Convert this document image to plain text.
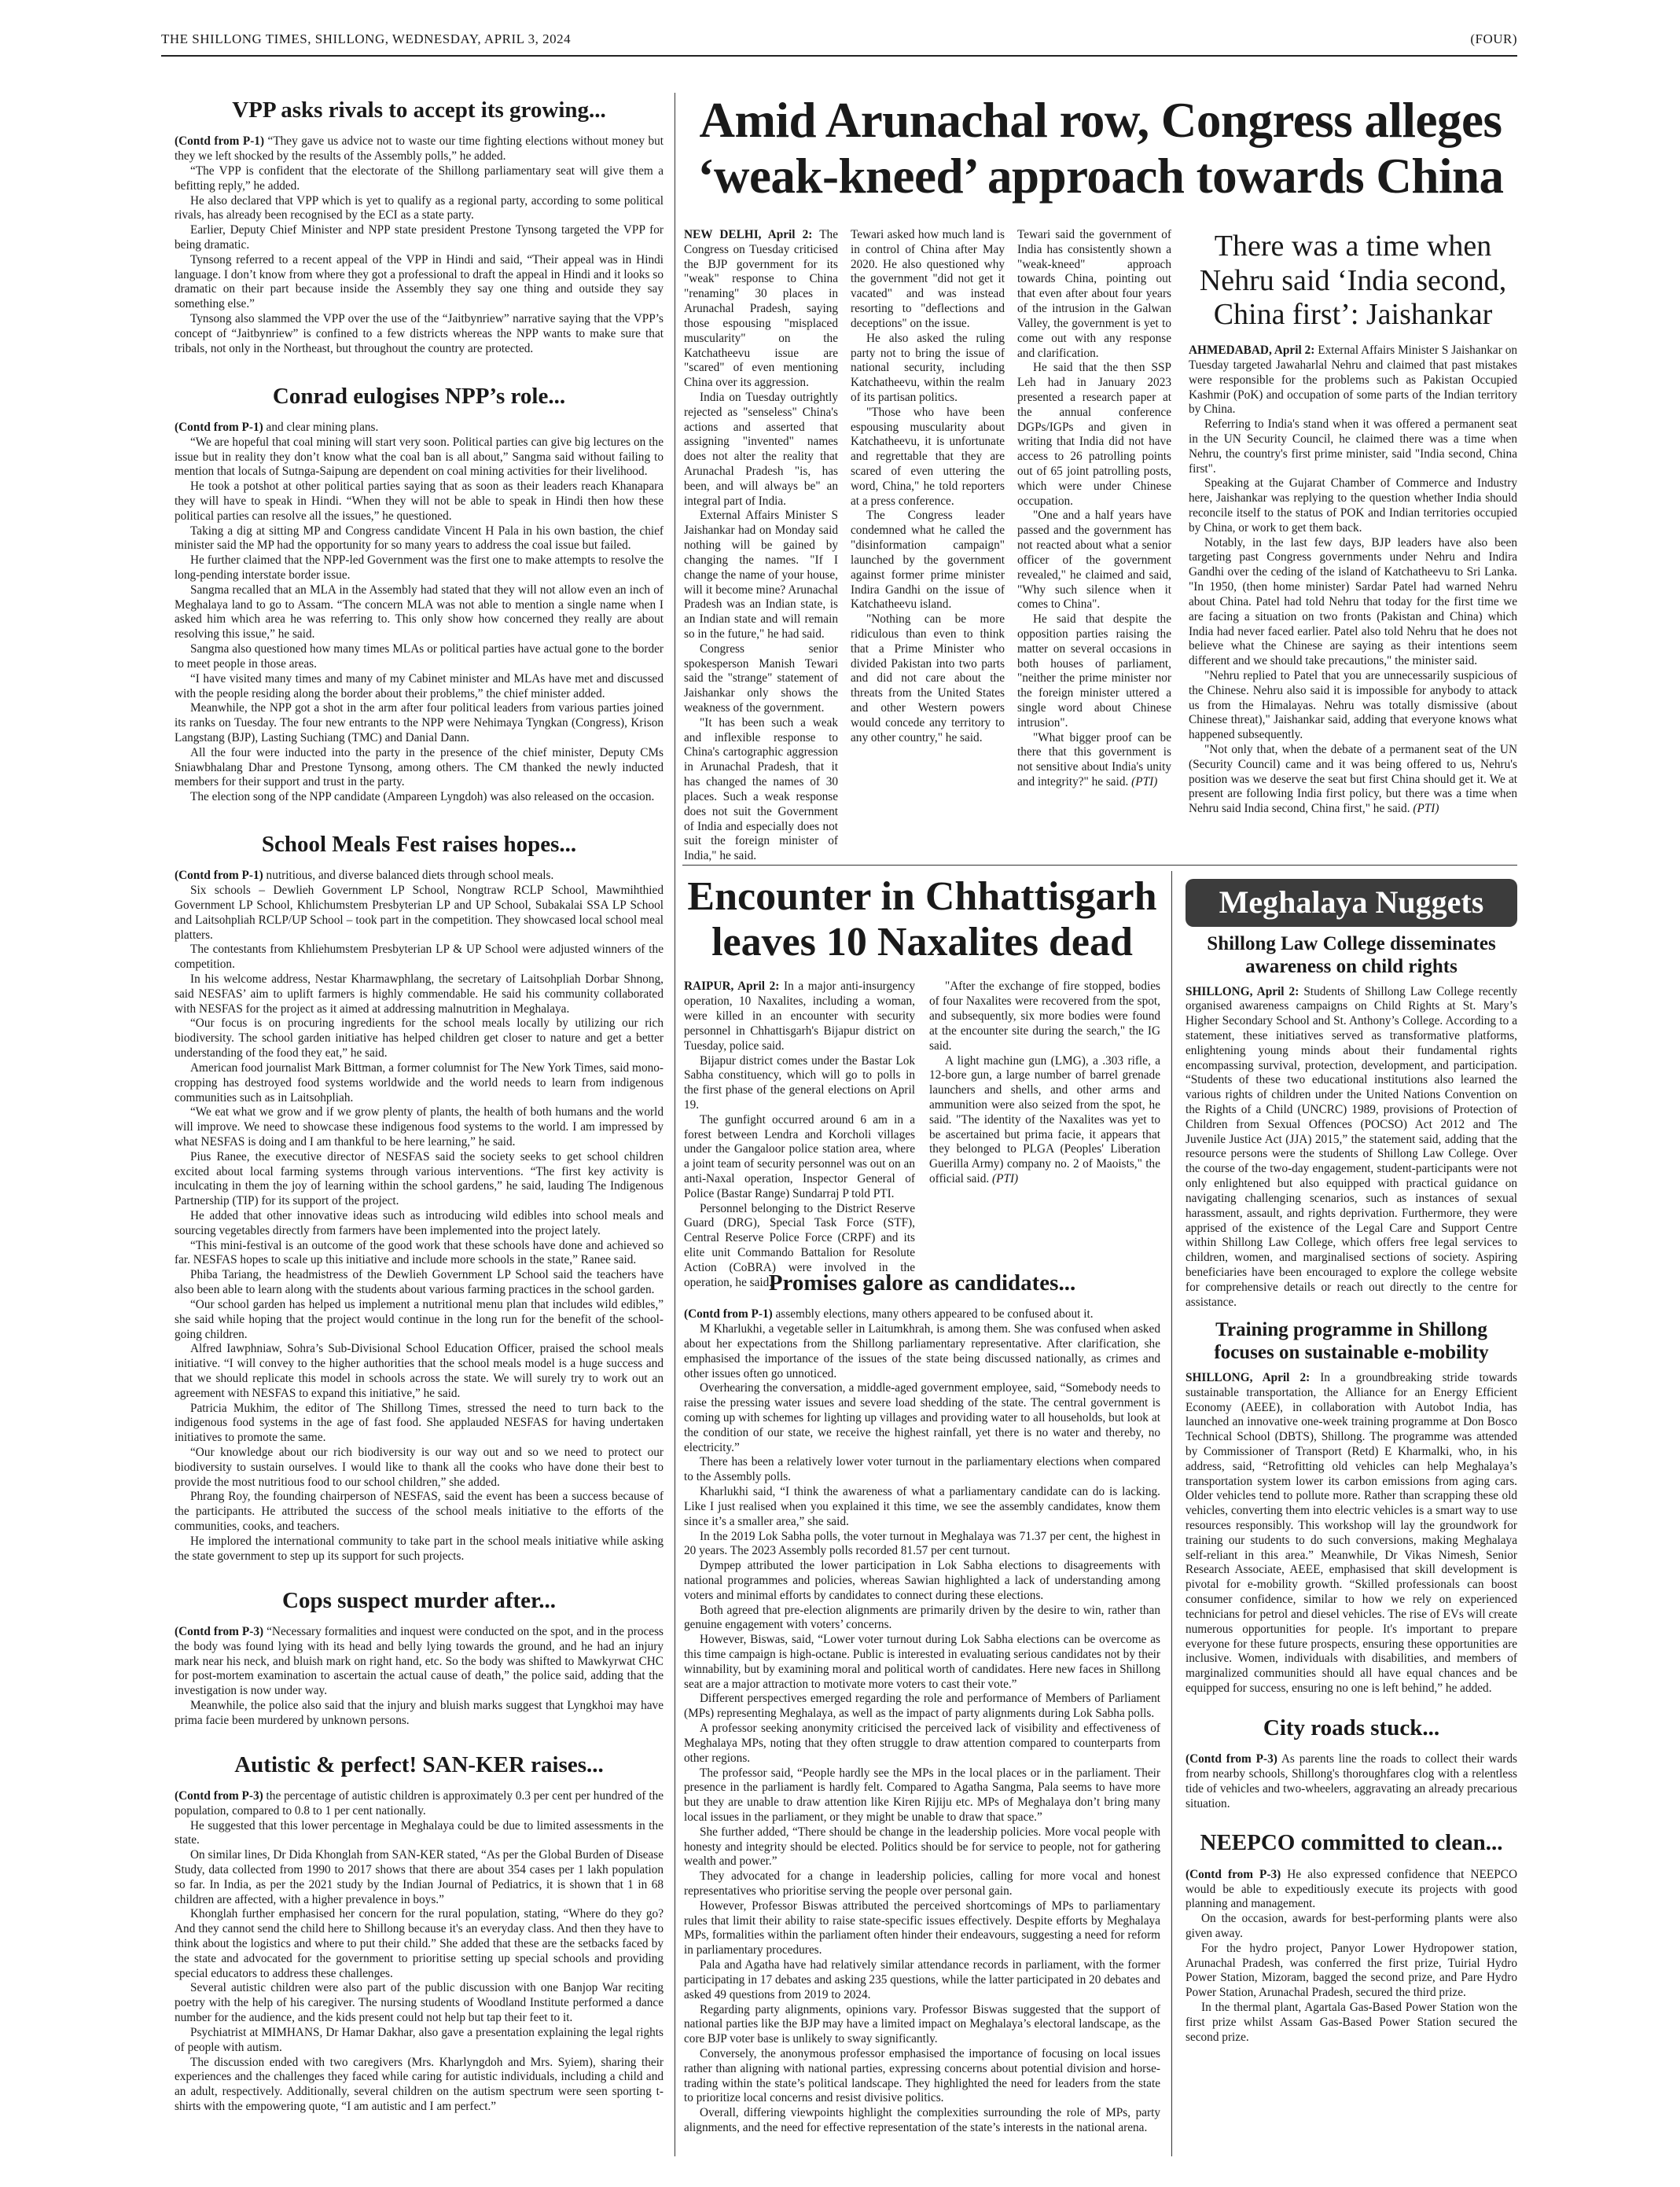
THE SHILLONG TIMES, SHILLONG, WEDNESDAY, APRIL 3, 2024	(FOUR)
VPP asks rivals to accept its growing...

(Contd from P-1) “They gave us advice not to waste our time fighting elections without money but they we left shocked by the results of the Assembly polls,” he added.

“The VPP is confident that the electorate of the Shillong parliamentary seat will give them a befitting reply,” he added.

He also declared that VPP which is yet to qualify as a regional party, according to some political rivals, has already been recognised by the ECI as a state party.

Earlier, Deputy Chief Minister and NPP state president Prestone Tynsong targeted the VPP for being dramatic.

Tynsong referred to a recent appeal of the VPP in Hindi and said, “Their appeal was in Hindi language. I don’t know from where they got a professional to draft the appeal in Hindi and it looks so dramatic on their part because inside the Assembly they say one thing and outside they say something else.”

Tynsong also slammed the VPP over the use of the “Jaitbynriew” narrative saying that the VPP’s concept of “Jaitbynriew” is confined to a few districts whereas the NPP wants to make sure that tribals, not only in the Northeast, but throughout the country are protected.

Conrad eulogises NPP’s role...

(Contd from P-1) and clear mining plans.

“We are hopeful that coal mining will start very soon. Political parties can give big lectures on the issue but in reality they don’t know what the coal ban is all about,” Sangma said without failing to mention that locals of Sutnga-Saipung are dependent on coal mining activities for their livelihood.

He took a potshot at other political parties saying that as soon as their leaders reach Khanapara they will have to speak in Hindi. “When they will not be able to speak in Hindi then how these political parties can resolve all the issues,” he questioned.

Taking a dig at sitting MP and Congress candidate Vincent H Pala in his own bastion, the chief minister said the MP had the opportunity for so many years to address the coal issue but failed.

He further claimed that the NPP-led Government was the first one to make attempts to resolve the long-pending interstate border issue.

Sangma recalled that an MLA in the Assembly had stated that they will not allow even an inch of Meghalaya land to go to Assam. “The concern MLA was not able to mention a single name when I asked him which area he was referring to. This only show how concerned they really are about resolving this issue,” he said.

Sangma also questioned how many times MLAs or political parties have actual gone to the border to meet people in those areas.

“I have visited many times and many of my Cabinet minister and MLAs have met and discussed with the people residing along the border about their problems,” the chief minister added.

Meanwhile, the NPP got a shot in the arm after four political leaders from various parties joined its ranks on Tuesday. The four new entrants to the NPP were Nehimaya Tyngkan (Congress), Krison Langstang (BJP), Lasting Suchiang (TMC) and Danial Dann.

All the four were inducted into the party in the presence of the chief minister, Deputy CMs Sniawbhalang Dhar and Prestone Tynsong, among others. The CM thanked the newly inducted members for their support and trust in the party.

The election song of the NPP candidate (Ampareen Lyngdoh) was also released on the occasion.

School Meals Fest raises hopes...

(Contd from P-1) nutritious, and diverse balanced diets through school meals.

Six schools – Dewlieh Government LP School, Nongtraw RCLP School, Mawmihthied Government LP School, Khlichumstem Presbyterian LP and UP School, Subakalai SSA LP School and Laitsohpliah RCLP/UP School – took part in the competition. They showcased local school meal platters.

The contestants from Khliehumstem Presbyterian LP & UP School were adjusted winners of the competition.

In his welcome address, Nestar Kharmawphlang, the secretary of Laitsohpliah Dorbar Shnong, said NESFAS’ aim to uplift farmers is highly commendable. He said his community collaborated with NESFAS for the project as it aimed at addressing malnutrition in Meghalaya.

“Our focus is on procuring ingredients for the school meals locally by utilizing our rich biodiversity. The school garden initiative has helped children get closer to nature and get a better understanding of the food they eat,” he said.

American food journalist Mark Bittman, a former columnist for The New York Times, said mono-cropping has destroyed food systems worldwide and the world needs to learn from indigenous communities such as in Laitsohpliah.

“We eat what we grow and if we grow plenty of plants, the health of both humans and the world will improve. We need to showcase these indigenous food systems to the world. I am impressed by what NESFAS is doing and I am thankful to be here learning,” he said.

Pius Ranee, the executive director of NESFAS said the society seeks to get school children excited about local farming systems through various interventions. “The first key activity is inculcating in them the joy of learning within the school gardens,” he said, lauding The Indigenous Partnership (TIP) for its support of the project.

He added that other innovative ideas such as introducing wild edibles into school meals and sourcing vegetables directly from farmers have been implemented into the project lately.

“This mini-festival is an outcome of the good work that these schools have done and achieved so far. NESFAS hopes to scale up this initiative and include more schools in the state,” Ranee said.

Phiba Tariang, the headmistress of the Dewlieh Government LP School said the teachers have also been able to learn along with the students about various farming practices in the school garden.

“Our school garden has helped us implement a nutritional menu plan that includes wild edibles,” she said while hoping that the project would continue in the long run for the benefit of the school-going children.

Alfred Iawphniaw, Sohra’s Sub-Divisional School Education Officer, praised the school meals initiative. “I will convey to the higher authorities that the school meals model is a huge success and that we should replicate this model in schools across the state. We will surely try to work out an agreement with NESFAS to expand this initiative,” he said.

Patricia Mukhim, the editor of The Shillong Times, stressed the need to turn back to the indigenous food systems in the age of fast food. She applauded NESFAS for having undertaken initiatives to promote the same.

“Our knowledge about our rich biodiversity is our way out and so we need to protect our biodiversity to sustain ourselves. I would like to thank all the cooks who have done their best to provide the most nutritious food to our school children,” she added.

Phrang Roy, the founding chairperson of NESFAS, said the event has been a success because of the participants. He attributed the success of the school meals initiative to the efforts of the communities, cooks, and teachers.

He implored the international community to take part in the school meals initiative while asking the state government to step up its support for such projects.

Cops suspect murder after...

(Contd from P-3) “Necessary formalities and inquest were conducted on the spot, and in the process the body was found lying with its head and belly lying towards the ground, and he had an injury mark near his neck, and bluish mark on right hand, etc. So the body was shifted to Mawkyrwat CHC for post-mortem examination to ascertain the actual cause of death,” the police said, adding that the investigation is now under way.

Meanwhile, the police also said that the injury and bluish marks suggest that Lyngkhoi may have prima facie been murdered by unknown persons.

Autistic & perfect! SAN-KER raises...

(Contd from P-3) the percentage of autistic children is approximately 0.3 per cent per hundred of the population, compared to 0.8 to 1 per cent nationally.

He suggested that this lower percentage in Meghalaya could be due to limited assessments in the state.

On similar lines, Dr Dida Khonglah from SAN-KER stated, “As per the Global Burden of Disease Study, data collected from 1990 to 2017 shows that there are about 354 cases per 1 lakh population so far. In India, as per the 2021 study by the Indian Journal of Pediatrics, it is shown that 1 in 68 children are affected, with a higher prevalence in boys.”

Khonglah further emphasised her concern for the rural population, stating, “Where do they go? And they cannot send the child here to Shillong because it's an everyday class. And then they have to think about the logistics and where to put their child.” She added that these are the setbacks faced by the state and advocated for the government to prioritise setting up special schools and providing special educators to address these challenges.

Several autistic children were also part of the public discussion with one Banjop War reciting poetry with the help of his caregiver. The nursing students of Woodland Institute performed a dance number for the audience, and the kids present could not help but tap their feet to it.

Psychiatrist at MIMHANS, Dr Hamar Dakhar, also gave a presentation explaining the legal rights of people with autism.

The discussion ended with two caregivers (Mrs. Kharlyngdoh and Mrs. Syiem), sharing their experiences and the challenges they faced while caring for autistic individuals, including a child and an adult, respectively. Additionally, several children on the autism spectrum were seen sporting t-shirts with the empowering quote, “I am autistic and I am perfect.”

Amid Arunachal row, Congress alleges ‘weak-kneed’ approach towards China

NEW DELHI, April 2: The Congress on Tuesday criticised the BJP government for its "weak" response to China "renaming" 30 places in Arunachal Pradesh, saying those espousing "misplaced muscularity" on the Katchatheevu issue are "scared" of even mentioning China over its aggression.

India on Tuesday outrightly rejected as "senseless" China's actions and asserted that assigning "invented" names does not alter the reality that Arunachal Pradesh "is, has been, and will always be" an integral part of India.

External Affairs Minister S Jaishankar had on Monday said nothing will be gained by changing the names. "If I change the name of your house, will it become mine? Arunachal Pradesh was an Indian state, is an Indian state and will remain so in the future," he had said.

Congress senior spokesperson Manish Tewari said the "strange" statement of Jaishankar only shows the weakness of the government.

"It has been such a weak and inflexible response to China's cartographic aggression in Arunachal Pradesh, that it has changed the names of 30 places. Such a weak response does not suit the Government of India and especially does not suit the foreign minister of India," he said.

Tewari asked how much land is in control of China after May 2020. He also questioned why the government "did not get it vacated" and was instead resorting to "deflections and deceptions" on the issue.

He also asked the ruling party not to bring the issue of national security, including Katchatheevu, within the realm of its partisan politics.

"Those who have been espousing muscularity about Katchatheevu, it is unfortunate and regrettable that they are scared of even uttering the word, China," he told reporters at a press conference.

The Congress leader condemned what he called the "disinformation campaign" launched by the government against former prime minister Indira Gandhi on the issue of Katchatheevu island.

"Nothing can be more ridiculous than even to think that a Prime Minister who divided Pakistan into two parts and did not care about the threats from the United States and other Western powers would concede any territory to any other country," he said.

Tewari said the government of India has consistently shown a "weak-kneed" approach towards China, pointing out that even after about four years of the intrusion in the Galwan Valley, the government is yet to come out with any response and clarification.

He said that the then SSP Leh had in January 2023 presented a research paper at the annual conference DGPs/IGPs and given in writing that India did not have access to 26 patrolling points out of 65 joint patrolling posts, which were under Chinese occupation.

"One and a half years have passed and the government has not reacted about what a senior officer of the government revealed," he claimed and said, "Why such silence when it comes to China".

He said that despite the opposition parties raising the matter on several occasions in both houses of parliament, "neither the prime minister nor the foreign minister uttered a single word about Chinese intrusion".

"What bigger proof can be there that this government is not sensitive about India's unity and integrity?" he said. (PTI)

There was a time when Nehru said ‘India second, China first’: Jaishankar

AHMEDABAD, April 2: External Affairs Minister S Jaishankar on Tuesday targeted Jawaharlal Nehru and claimed that past mistakes were responsible for the problems such as Pakistan Occupied Kashmir (PoK) and occupation of some parts of the Indian territory by China.

Referring to India's stand when it was offered a permanent seat in the UN Security Council, he claimed there was a time when Nehru, the country's first prime minister, said "India second, China first".

Speaking at the Gujarat Chamber of Commerce and Industry here, Jaishankar was replying to the question whether India should reconcile itself to the status of POK and Indian territories occupied by China, or work to get them back.

Notably, in the last few days, BJP leaders have also been targeting past Congress governments under Nehru and Indira Gandhi over the ceding of the island of Katchatheevu to Sri Lanka. "In 1950, (then home minister) Sardar Patel had warned Nehru about China. Patel had told Nehru that today for the first time we are facing a situation on two fronts (Pakistan and China) which India had never faced earlier. Patel also told Nehru that he does not believe what the Chinese are saying as their intentions seem different and we should take precautions," the minister said.

"Nehru replied to Patel that you are unnecessarily suspicious of the Chinese. Nehru also said it is impossible for anybody to attack us from the Himalayas. Nehru was totally dismissive (about Chinese threat)," Jaishankar said, adding that everyone knows what happened subsequently.

"Not only that, when the debate of a permanent seat of the UN (Security Council) came and it was being offered to us, Nehru's position was we deserve the seat but first China should get it. We at present are following India first policy, but there was a time when Nehru said India second, China first," he said. (PTI)

Encounter in Chhattisgarh leaves 10 Naxalites dead

RAIPUR, April 2: In a major anti-insurgency operation, 10 Naxalites, including a woman, were killed in an encounter with security personnel in Chhattisgarh's Bijapur district on Tuesday, police said.

Bijapur district comes under the Bastar Lok Sabha constituency, which will go to polls in the first phase of the general elections on April 19.

The gunfight occurred around 6 am in a forest between Lendra and Korcholi villages under the Gangaloor police station area, where a joint team of security personnel was out on an anti-Naxal operation, Inspector General of Police (Bastar Range) Sundarraj P told PTI.

Personnel belonging to the District Reserve Guard (DRG), Special Task Force (STF), Central Reserve Police Force (CRPF) and its elite unit Commando Battalion for Resolute Action (CoBRA) were involved in the operation, he said.

"After the exchange of fire stopped, bodies of four Naxalites were recovered from the spot, and subsequently, six more bodies were found at the encounter site during the search," the IG said.

A light machine gun (LMG), a .303 rifle, a 12-bore gun, a large number of barrel grenade launchers and shells, and other arms and ammunition were also seized from the spot, he said. "The identity of the Naxalites was yet to be ascertained but prima facie, it appears that they belonged to PLGA (Peoples' Liberation Guerilla Army) company no. 2 of Maoists," the official said. (PTI)

Promises galore as candidates...

(Contd from P-1) assembly elections, many others appeared to be confused about it.

M Kharlukhi, a vegetable seller in Laitumkhrah, is among them. She was confused when asked about her expectations from the Shillong parliamentary representative. After clarification, she emphasised the importance of the issues of the state being discussed nationally, as crimes and other issues often go unnoticed.

Overhearing the conversation, a middle-aged government employee, said, “Somebody needs to raise the pressing water issues and severe load shedding of the state. The central government is coming up with schemes for lighting up villages and providing water to all households, but look at the condition of our state, we receive the highest rainfall, yet there is no water and thereby, no electricity.”

There has been a relatively lower voter turnout in the parliamentary elections when compared to the Assembly polls.

Kharlukhi said, “I think the awareness of what a parliamentary candidate can do is lacking. Like I just realised when you explained it this time, we see the assembly candidates, know them since it’s a smaller area,” she said.

In the 2019 Lok Sabha polls, the voter turnout in Meghalaya was 71.37 per cent, the highest in 20 years. The 2023 Assembly polls recorded 81.57 per cent turnout.

Dympep attributed the lower participation in Lok Sabha elections to disagreements with national programmes and policies, whereas Sawian highlighted a lack of understanding among voters and minimal efforts by candidates to connect during these elections.

Both agreed that pre-election alignments are primarily driven by the desire to win, rather than genuine engagement with voters’ concerns.

However, Biswas, said, “Lower voter turnout during Lok Sabha elections can be overcome as this time campaign is high-octane. Public is interested in evaluating serious candidates not by their winnability, but by examining moral and political worth of candidates. Here new faces in Shillong seat are a major attraction to motivate more voters to cast their vote.”

Different perspectives emerged regarding the role and performance of Members of Parliament (MPs) representing Meghalaya, as well as the impact of party alignments during Lok Sabha polls.

A professor seeking anonymity criticised the perceived lack of visibility and effectiveness of Meghalaya MPs, noting that they often struggle to draw attention compared to counterparts from other regions.

The professor said, “People hardly see the MPs in the local places or in the parliament. Their presence in the parliament is hardly felt. Compared to Agatha Sangma, Pala seems to have more but they are unable to draw attention like Kiren Rijiju etc. MPs of Meghalaya don’t bring many local issues in the parliament, or they might be unable to draw that space.”

She further added, “There should be change in the leadership policies. More vocal people with honesty and integrity should be elected. Politics should be for service to people, not for gathering wealth and power.”

They advocated for a change in leadership policies, calling for more vocal and honest representatives who prioritise serving the people over personal gain.

However, Professor Biswas attributed the perceived shortcomings of MPs to parliamentary rules that limit their ability to raise state-specific issues effectively. Despite efforts by Meghalaya MPs, formalities within the parliament often hinder their endeavours, suggesting a need for reform in parliamentary procedures.

Pala and Agatha have had relatively similar attendance records in parliament, with the former participating in 17 debates and asking 235 questions, while the latter participated in 20 debates and asked 49 questions from 2019 to 2024.

Regarding party alignments, opinions vary. Professor Biswas suggested that the support of national parties like the BJP may have a limited impact on Meghalaya’s electoral landscape, as the core BJP voter base is unlikely to sway significantly.

Conversely, the anonymous professor emphasised the importance of focusing on local issues rather than aligning with national parties, expressing concerns about potential division and horse-trading within the state’s political landscape. They highlighted the need for leaders from the state to prioritize local concerns and resist divisive politics.

Overall, differing viewpoints highlight the complexities surrounding the role of MPs, party alignments, and the need for effective representation of the state’s interests in the national arena.

Meghalaya Nuggets
Shillong Law College disseminates awareness on child rights

SHILLONG, April 2: Students of Shillong Law College recently organised awareness campaigns on Child Rights at St. Mary’s Higher Secondary School and St. Anthony’s College. According to a statement, these initiatives served as transformative platforms, enlightening young minds about their fundamental rights encompassing survival, protection, development, and participation. “Students of these two educational institutions also learned the various rights of children under the United Nations Convention on the Rights of a Child (UNCRC) 1989, provisions of Protection of Children from Sexual Offences (POCSO) Act 2012 and The Juvenile Justice Act (JJA) 2015,” the statement said, adding that the resource persons were the students of Shillong Law College. Over the course of the two-day engagement, student-participants were not only enlightened but also equipped with practical guidance on navigating challenging scenarios, such as instances of sexual harassment, assault, and rights deprivation. Furthermore, they were apprised of the existence of the Legal Care and Support Centre within Shillong Law College, which offers free legal services to children, women, and marginalised sections of society. Aspiring beneficiaries have been encouraged to explore the college website for comprehensive details or reach out directly to the centre for assistance.

Training programme in Shillong focuses on sustainable e-mobility

SHILLONG, April 2: In a groundbreaking stride towards sustainable transportation, the Alliance for an Energy Efficient Economy (AEEE), in collaboration with Autobot India, has launched an innovative one-week training programme at Don Bosco Technical School (DBTS), Shillong. The programme was attended by Commissioner of Transport (Retd) E Kharmalki, who, in his address, said, “Retrofitting old vehicles can help Meghalaya’s transportation system lower its carbon emissions from aging cars. Older vehicles tend to pollute more. Rather than scrapping these old vehicles, converting them into electric vehicles is a smart way to use resources responsibly. This workshop will lay the groundwork for training our students to do such conversions, making Meghalaya self-reliant in this area.” Meanwhile, Dr Vikas Nimesh, Senior Research Associate, AEEE, emphasised that skill development is pivotal for e-mobility growth. “Skilled professionals can boost consumer confidence, similar to how we rely on experienced technicians for petrol and diesel vehicles. The rise of EVs will create numerous opportunities for people. It's important to prepare everyone for these future prospects, ensuring these opportunities are inclusive. Women, individuals with disabilities, and members of marginalized communities should all have equal chances and be equipped for success, ensuring no one is left behind,” he added.

City roads stuck...

(Contd from P-3) As parents line the roads to collect their wards from nearby schools, Shillong's thoroughfares clog with a relentless tide of vehicles and two-wheelers, aggravating an already precarious situation.

NEEPCO committed to clean...

(Contd from P-3) He also expressed confidence that NEEPCO would be able to expeditiously execute its projects with good planning and management.

On the occasion, awards for best-performing plants were also given away.

For the hydro project, Panyor Lower Hydropower station, Arunachal Pradesh, was conferred the first prize, Tuirial Hydro Power Station, Mizoram, bagged the second prize, and Pare Hydro Power Station, Arunachal Pradesh, secured the third prize.

In the thermal plant, Agartala Gas-Based Power Station won the first prize whilst Assam Gas-Based Power Station secured the second prize.
